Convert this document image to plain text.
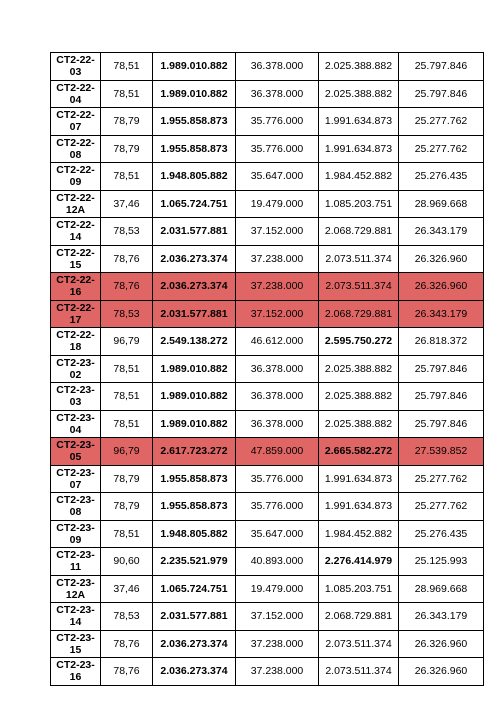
CT2-22-03	78,51	1.989.010.882	36.378.000	2.025.388.882	25.797.846
CT2-22-04	78,51	1.989.010.882	36.378.000	2.025.388.882	25.797.846
CT2-22-07	78,79	1.955.858.873	35.776.000	1.991.634.873	25.277.762
CT2-22-08	78,79	1.955.858.873	35.776.000	1.991.634.873	25.277.762
CT2-22-09	78,51	1.948.805.882	35.647.000	1.984.452.882	25.276.435
CT2-22-12A	37,46	1.065.724.751	19.479.000	1.085.203.751	28.969.668
CT2-22-14	78,53	2.031.577.881	37.152.000	2.068.729.881	26.343.179
CT2-22-15	78,76	2.036.273.374	37.238.000	2.073.511.374	26.326.960
CT2-22-16	78,76	2.036.273.374	37.238.000	2.073.511.374	26.326.960
CT2-22-17	78,53	2.031.577.881	37.152.000	2.068.729.881	26.343.179
CT2-22-18	96,79	2.549.138.272	46.612.000	2.595.750.272	26.818.372
CT2-23-02	78,51	1.989.010.882	36.378.000	2.025.388.882	25.797.846
CT2-23-03	78,51	1.989.010.882	36.378.000	2.025.388.882	25.797.846
CT2-23-04	78,51	1.989.010.882	36.378.000	2.025.388.882	25.797.846
CT2-23-05	96,79	2.617.723.272	47.859.000	2.665.582.272	27.539.852
CT2-23-07	78,79	1.955.858.873	35.776.000	1.991.634.873	25.277.762
CT2-23-08	78,79	1.955.858.873	35.776.000	1.991.634.873	25.277.762
CT2-23-09	78,51	1.948.805.882	35.647.000	1.984.452.882	25.276.435
CT2-23-11	90,60	2.235.521.979	40.893.000	2.276.414.979	25.125.993
CT2-23-12A	37,46	1.065.724.751	19.479.000	1.085.203.751	28.969.668
CT2-23-14	78,53	2.031.577.881	37.152.000	2.068.729.881	26.343.179
CT2-23-15	78,76	2.036.273.374	37.238.000	2.073.511.374	26.326.960
CT2-23-16	78,76	2.036.273.374	37.238.000	2.073.511.374	26.326.960
